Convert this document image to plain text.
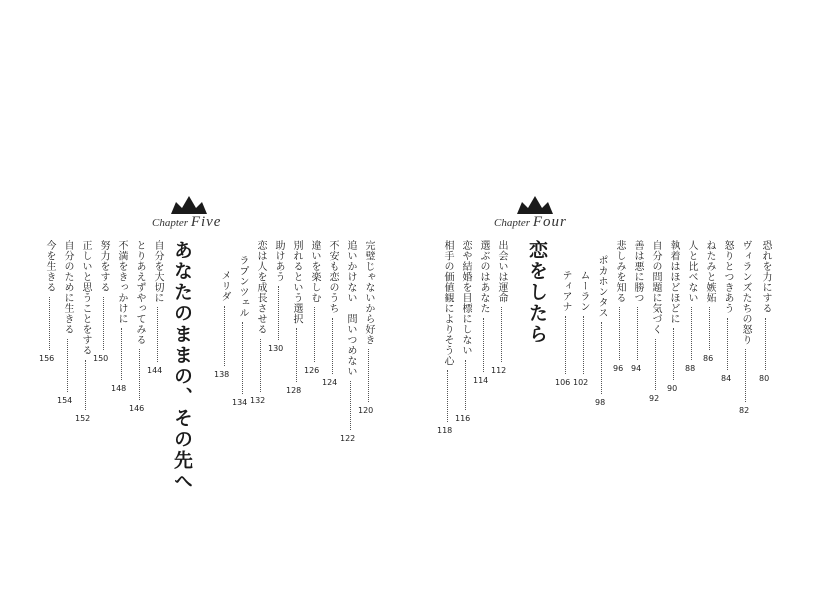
Chapter Five
あなたのままの、その先へ	完璧じゃないから好き
120
追いかけない　問いつめない
122
不安も恋のうち
124
違いを楽しむ
126
別れるという選択
128
助けあう
130
恋は人を成長させる
132
ラプンツェル
134
メリダ
138
自分を大切に
144
とりあえずやってみる
146
不満をきっかけに
148
努力をする
150
正しいと思うことをする
152
自分のために生きる
154
今を生きる
156
Chapter Four
恋をしたら	恐れを力にする
80
ヴィランズたちの怒り
82
怒りとつきあう
84
ねたみと嫉妬
86
人と比べない
88
執着はほどほどに
90
自分の問題に気づく
92
善は悪に勝つ
94
悲しみを知る
96
ポカホンタス
98
ムーラン
102
ティアナ
106
出会いは運命
112
選ぶのはあなた
114
恋や結婚を目標にしない
116
相手の価値観によりそう心
118
